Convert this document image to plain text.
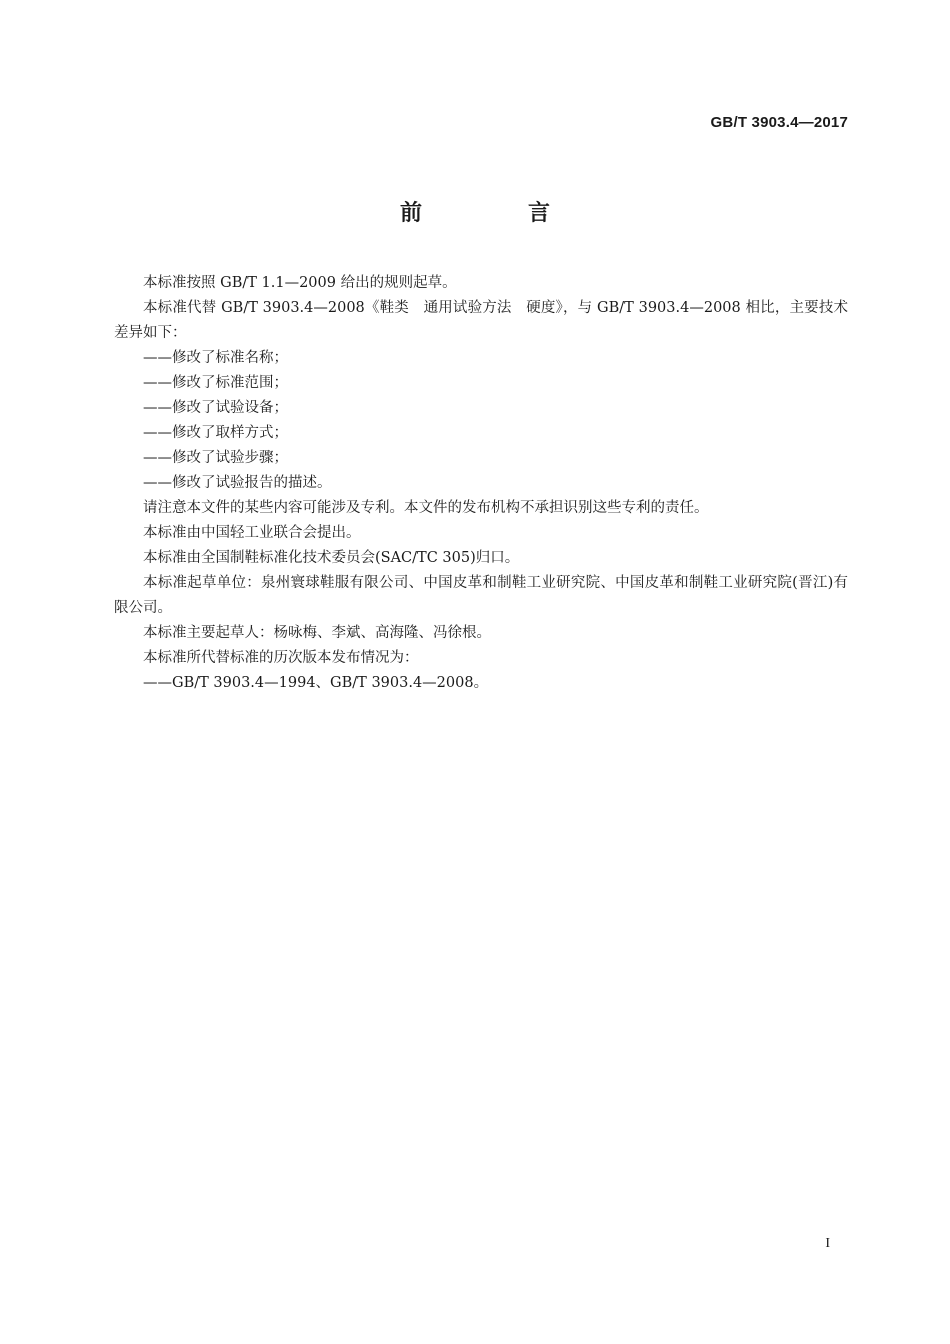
GB/T 3903.4—2017
前　言

本标准按照 GB/T 1.1—2009 给出的规则起草。

本标准代替 GB/T 3903.4—2008《鞋类　通用试验方法　硬度》，与 GB/T 3903.4—2008 相比，主要技术差异如下：

——修改了标准名称；

——修改了标准范围；

——修改了试验设备；

——修改了取样方式；

——修改了试验步骤；

——修改了试验报告的描述。

请注意本文件的某些内容可能涉及专利。本文件的发布机构不承担识别这些专利的责任。

本标准由中国轻工业联合会提出。

本标准由全国制鞋标准化技术委员会(SAC/TC 305)归口。

本标准起草单位：泉州寰球鞋服有限公司、中国皮革和制鞋工业研究院、中国皮革和制鞋工业研究院(晋江)有限公司。

本标准主要起草人：杨咏梅、李斌、高海隆、冯徐根。

本标准所代替标准的历次版本发布情况为：

——GB/T 3903.4—1994、GB/T 3903.4—2008。

I
